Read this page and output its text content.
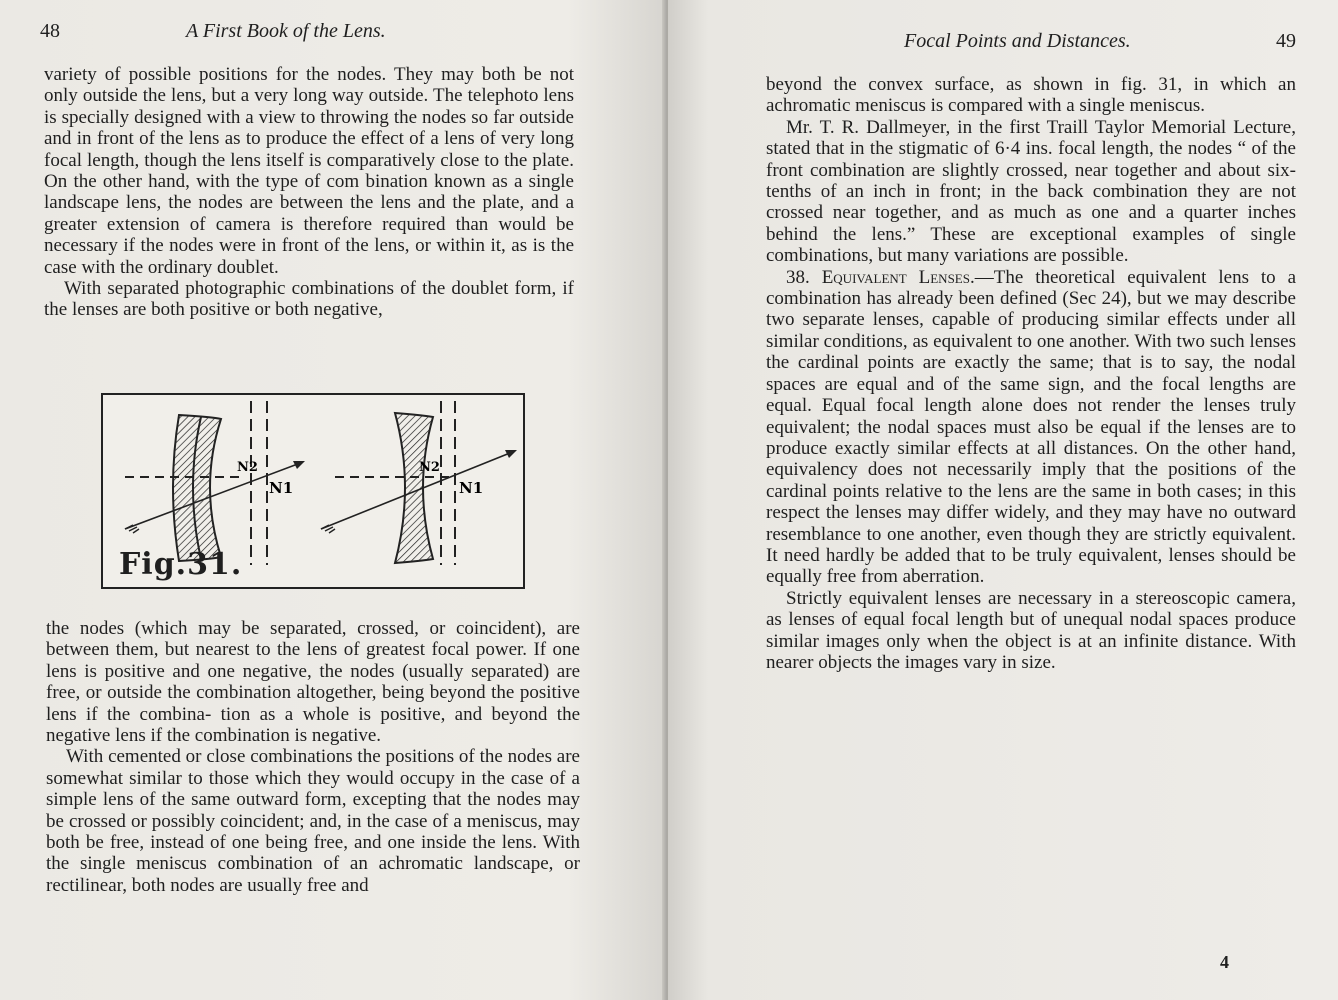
48	A First Book of the Lens.

variety of possible positions for the nodes. They may both be not only outside the lens, but a very long way outside. The telephoto lens is specially designed with a view to throwing the nodes so far outside and in front of the lens as to produce the effect of a lens of very long focal length, though the lens itself is comparatively close to the plate. On the other hand, with the type of com bination known as a single landscape lens, the nodes are between the lens and the plate, and a greater extension of camera is therefore required than would be necessary if the nodes were in front of the lens, or within it, as is the case with the ordinary doublet.

With separated photographic combinations of the doublet form, if the lenses are both positive or both negative,

N2
N1
N2
N1
Fig.31.

the nodes (which may be separated, crossed, or coincident), are between them, but nearest to the lens of greatest focal power. If one lens is positive and one negative, the nodes (usually separated) are free, or outside the combination altogether, being beyond the positive lens if the combina- tion as a whole is positive, and beyond the negative lens if the combination is negative.

With cemented or close combinations the positions of the nodes are somewhat similar to those which they would occupy in the case of a simple lens of the same outward form, excepting that the nodes may be crossed or possibly coincident; and, in the case of a meniscus, may both be free, instead of one being free, and one inside the lens. With the single meniscus combination of an achromatic landscape, or rectilinear, both nodes are usually free and

Focal Points and Distances.	49

beyond the convex surface, as shown in fig. 31, in which an achromatic meniscus is compared with a single meniscus.

Mr. T. R. Dallmeyer, in the first Traill Taylor Memorial Lecture, stated that in the stigmatic of 6·4 ins. focal length, the nodes “ of the front combination are slightly crossed, near together and about six-tenths of an inch in front; in the back combination they are not crossed near together, and as much as one and a quarter inches behind the lens.” These are exceptional examples of single combinations, but many variations are possible.

38. Equivalent Lenses.—The theoretical equivalent lens to a combination has already been defined (Sec 24), but we may describe two separate lenses, capable of producing similar effects under all similar conditions, as equivalent to one another. With two such lenses the cardinal points are exactly the same; that is to say, the nodal spaces are equal and of the same sign, and the focal lengths are equal. Equal focal length alone does not render the lenses truly equivalent; the nodal spaces must also be equal if the lenses are to produce exactly similar effects at all distances. On the other hand, equivalency does not necessarily imply that the positions of the cardinal points relative to the lens are the same in both cases; in this respect the lenses may differ widely, and they may have no outward resemblance to one another, even though they are strictly equivalent. It need hardly be added that to be truly equivalent, lenses should be equally free from aberration.

Strictly equivalent lenses are necessary in a stereoscopic camera, as lenses of equal focal length but of unequal nodal spaces produce similar images only when the object is at an infinite distance. With nearer objects the images vary in size.

4
